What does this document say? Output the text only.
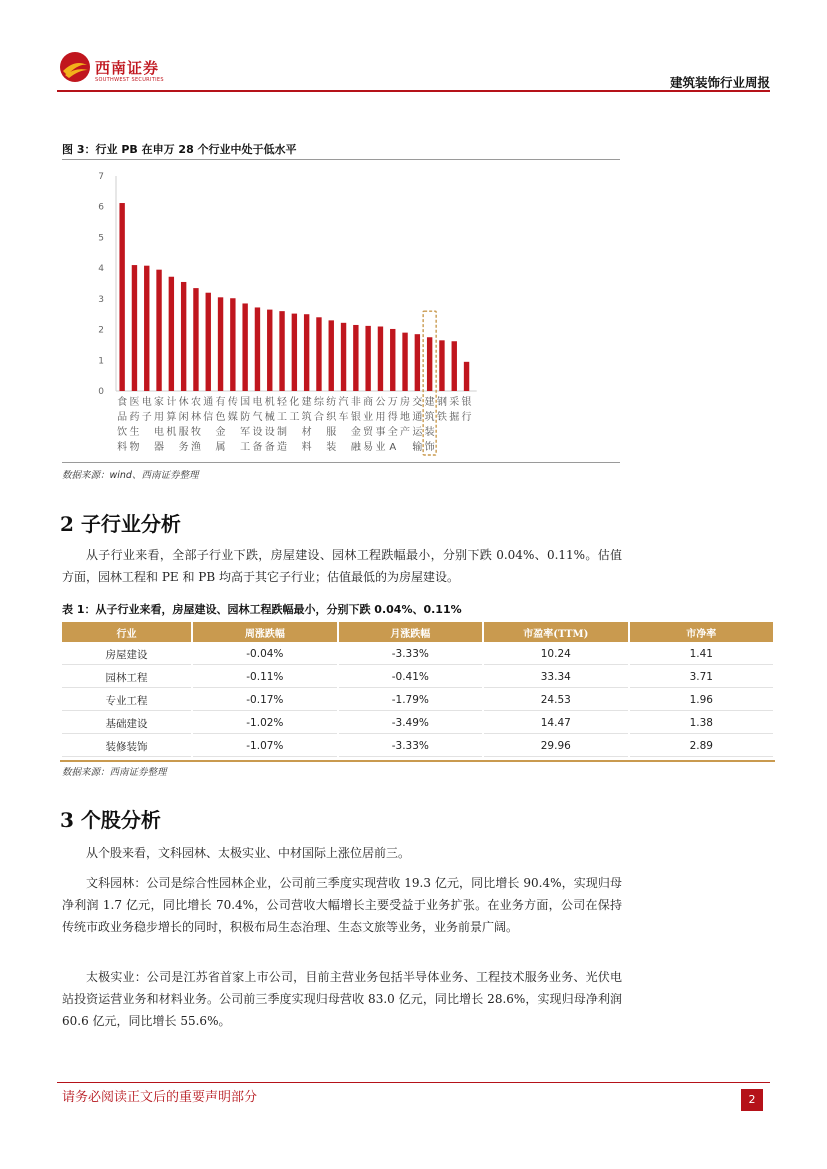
西南证券
SOUTHWEST SECURITIES	建筑装饰行业周报
图 3：行业 PB 在申万 28 个行业中处于低水平
0
1
2
3
4
5
6
7
食
品
饮
料
医
药
生
物
电
子
家
用
电
器
计
算
机
休
闲
服
务
农
林
牧
渔
通
信
有
色
金
属
传
媒
国
防
军
工
电
气
设
备
机
械
设
备
轻
工
制
造
化
工
建
筑
材
料
综
合
纺
织
服
装
汽
车
非
银
金
融
商
业
贸
易
公
用
事
业
万
得
全
A
房
地
产
交
通
运
输
建
筑
装
饰
钢
铁
采
掘
银
行
数据来源：wind、西南证券整理
2 子行业分析
从子行业来看，全部子行业下跌，房屋建设、园林工程跌幅最小，分别下跌 0.04%、0.11%。估值方面，园林工程和 PE 和 PB 均高于其它子行业；估值最低的为房屋建设。
表 1：从子行业来看，房屋建设、园林工程跌幅最小，分别下跌 0.04%、0.11%
行业	周涨跌幅	月涨跌幅	市盈率(TTM)	市净率
房屋建设	-0.04%	-3.33%	10.24	1.41
园林工程	-0.11%	-0.41%	33.34	3.71
专业工程	-0.17%	-1.79%	24.53	1.96
基础建设	-1.02%	-3.49%	14.47	1.38
装修装饰	-1.07%	-3.33%	29.96	2.89
数据来源：西南证券整理
3 个股分析
从个股来看，文科园林、太极实业、中材国际上涨位居前三。
文科园林：公司是综合性园林企业，公司前三季度实现营收 19.3 亿元，同比增长 90.4%，实现归母净利润 1.7 亿元，同比增长 70.4%，公司营收大幅增长主要受益于业务扩张。在业务方面，公司在保持传统市政业务稳步增长的同时，积极布局生态治理、生态文旅等业务，业务前景广阔。
太极实业：公司是江苏省首家上市公司，目前主营业务包括半导体业务、工程技术服务业务、光伏电站投资运营业务和材料业务。公司前三季度实现归母营收 83.0 亿元，同比增长 28.6%，实现归母净利润 60.6 亿元，同比增长 55.6%。
请务必阅读正文后的重要声明部分	2
